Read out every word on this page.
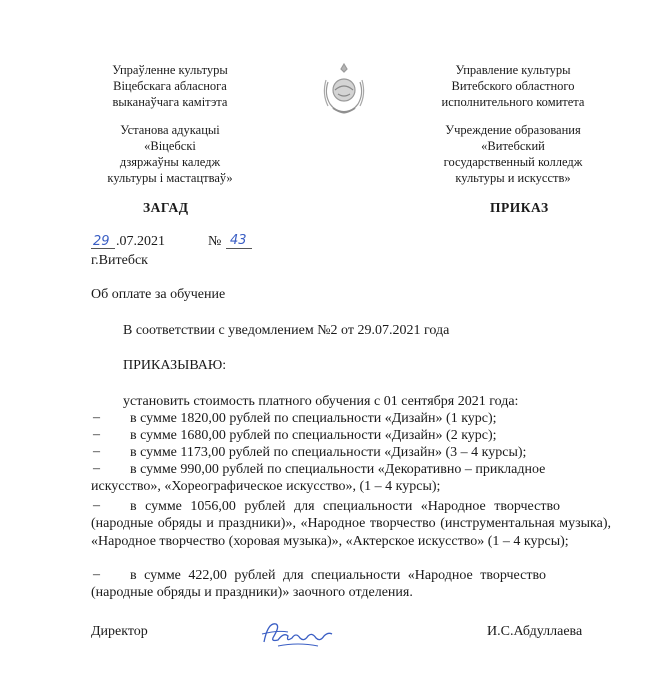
Упраўленне культуры
Віцебскага абласнога
выканаўчага камітэта
Установа адукацыі
«Віцебскі
дзяржаўны каледж
культуры і мастацтваў»
ЗАГАД
Управление культуры
Витебского областного
исполнительного комитета
Учреждение образования
«Витебский
государственный колледж
культуры и искусств»
ПРИКАЗ
29 .07.2021	№ 43
г.Витебск
Об оплате за обучение
В соответствии с уведомлением №2 от 29.07.2021 года
ПРИКАЗЫВАЮ:
установить стоимость платного обучения с 01 сентября 2021 года:
– в сумме 1820,00 рублей по специальности «Дизайн» (1 курс);
– в сумме 1680,00 рублей по специальности «Дизайн» (2 курс);
– в сумме 1173,00 рублей по специальности «Дизайн» (3 – 4 курсы);
– в сумме 990,00 рублей по специальности «Декоративно – прикладное
искусство», «Хореографическое искусство», (1 – 4 курсы);
– в сумме 1056,00 рублей для специальности «Народное творчество
(народные обряды и праздники)», «Народное творчество (инструментальная музыка), «Народное творчество (хоровая музыка)», «Актерское искусство» (1 – 4 курсы);
– в сумме 422,00 рублей для специальности «Народное творчество
(народные обряды и праздники)» заочного отделения.
Директор	И.С.Абдуллаева
